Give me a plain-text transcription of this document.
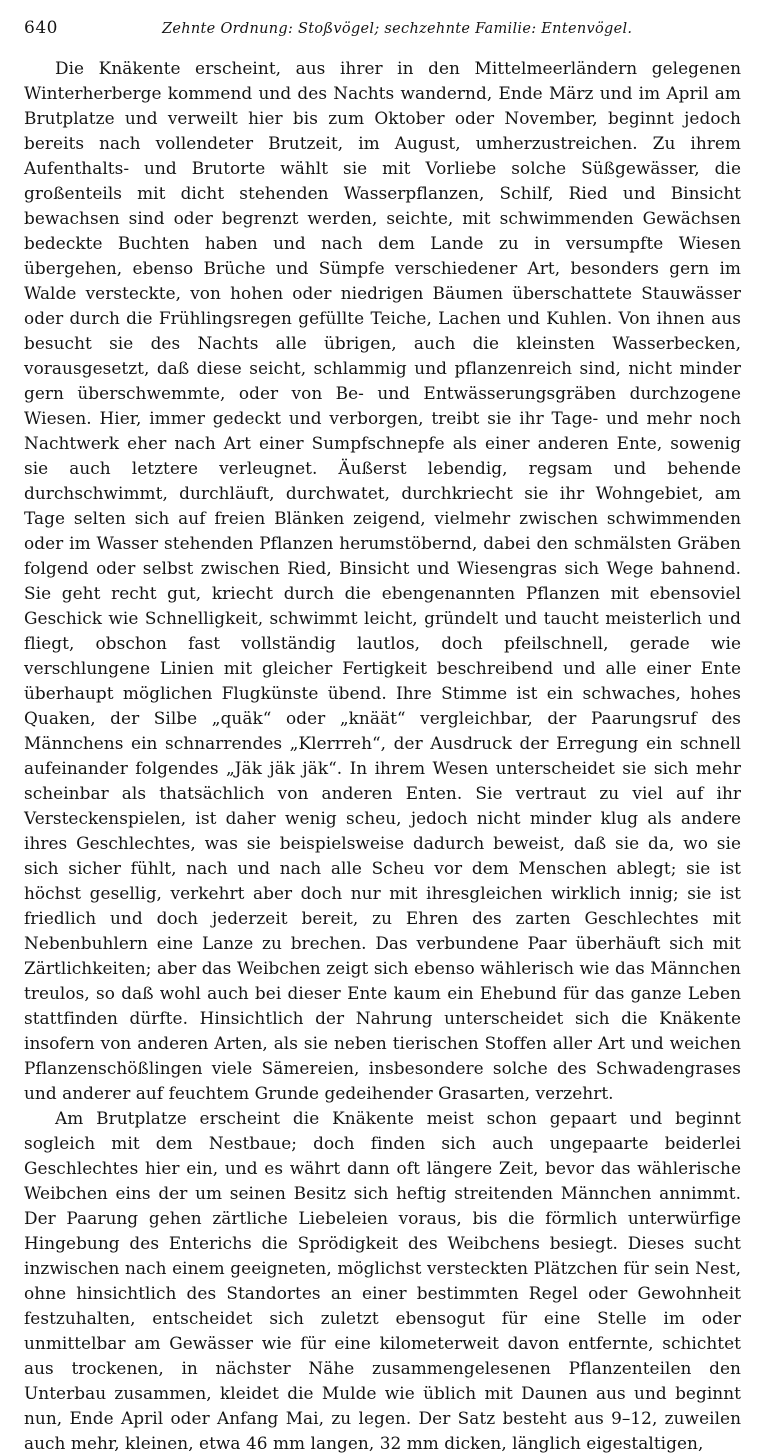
640	Zehnte Ordnung: Stoßvögel; sechzehnte Familie: Entenvögel.

Die Knäkente erscheint, aus ihrer in den Mittelmeerländern gelegenen Winterherberge kommend und des Nachts wandernd, Ende März und im April am Brutplatze und verweilt hier bis zum Oktober oder November, beginnt jedoch bereits nach vollendeter Brutzeit, im August, umherzustreichen. Zu ihrem Aufenthalts- und Brutorte wählt sie mit Vorliebe solche Süßgewässer, die großenteils mit dicht stehenden Wasserpflanzen, Schilf, Ried und Binsicht bewachsen sind oder begrenzt werden, seichte, mit schwimmenden Gewächsen bedeckte Buchten haben und nach dem Lande zu in versumpfte Wiesen übergehen, ebenso Brüche und Sümpfe verschiedener Art, besonders gern im Walde versteckte, von hohen oder niedrigen Bäumen überschattete Stauwässer oder durch die Frühlingsregen gefüllte Teiche, Lachen und Kuhlen. Von ihnen aus besucht sie des Nachts alle übrigen, auch die kleinsten Wasserbecken, vorausgesetzt, daß diese seicht, schlammig und pflanzenreich sind, nicht minder gern überschwemmte, oder von Be- und Entwässerungsgräben durchzogene Wiesen. Hier, immer gedeckt und verborgen, treibt sie ihr Tage- und mehr noch Nachtwerk eher nach Art einer Sumpfschnepfe als einer anderen Ente, sowenig sie auch letztere verleugnet. Äußerst lebendig, regsam und behende durchschwimmt, durchläuft, durchwatet, durchkriecht sie ihr Wohngebiet, am Tage selten sich auf freien Blänken zeigend, vielmehr zwischen schwimmenden oder im Wasser stehenden Pflanzen herumstöbernd, dabei den schmälsten Gräben folgend oder selbst zwischen Ried, Binsicht und Wiesengras sich Wege bahnend. Sie geht recht gut, kriecht durch die ebengenannten Pflanzen mit ebensoviel Geschick wie Schnelligkeit, schwimmt leicht, gründelt und taucht meisterlich und fliegt, obschon fast vollständig lautlos, doch pfeilschnell, gerade wie verschlungene Linien mit gleicher Fertigkeit beschreibend und alle einer Ente überhaupt möglichen Flugkünste übend. Ihre Stimme ist ein schwaches, hohes Quaken, der Silbe „quäk“ oder „knäät“ vergleichbar, der Paarungsruf des Männchens ein schnarrendes „Klerrreh“, der Ausdruck der Erregung ein schnell aufeinander folgendes „Jäk jäk jäk“. In ihrem Wesen unterscheidet sie sich mehr scheinbar als thatsächlich von anderen Enten. Sie vertraut zu viel auf ihr Versteckenspielen, ist daher wenig scheu, jedoch nicht minder klug als andere ihres Geschlechtes, was sie beispielsweise dadurch beweist, daß sie da, wo sie sich sicher fühlt, nach und nach alle Scheu vor dem Menschen ablegt; sie ist höchst gesellig, verkehrt aber doch nur mit ihresgleichen wirklich innig; sie ist friedlich und doch jederzeit bereit, zu Ehren des zarten Geschlechtes mit Nebenbuhlern eine Lanze zu brechen. Das verbundene Paar überhäuft sich mit Zärtlichkeiten; aber das Weibchen zeigt sich ebenso wählerisch wie das Männchen treulos, so daß wohl auch bei dieser Ente kaum ein Ehebund für das ganze Leben stattfinden dürfte. Hinsichtlich der Nahrung unterscheidet sich die Knäkente insofern von anderen Arten, als sie neben tierischen Stoffen aller Art und weichen Pflanzenschößlingen viele Sämereien, insbesondere solche des Schwadengrases und anderer auf feuchtem Grunde gedeihender Grasarten, verzehrt.

Am Brutplatze erscheint die Knäkente meist schon gepaart und beginnt sogleich mit dem Nestbaue; doch finden sich auch ungepaarte beiderlei Geschlechtes hier ein, und es währt dann oft längere Zeit, bevor das wählerische Weibchen eins der um seinen Besitz sich heftig streitenden Männchen annimmt. Der Paarung gehen zärtliche Liebeleien voraus, bis die förmlich unterwürfige Hingebung des Enterichs die Sprödigkeit des Weibchens besiegt. Dieses sucht inzwischen nach einem geeigneten, möglichst versteckten Plätzchen für sein Nest, ohne hinsichtlich des Standortes an einer bestimmten Regel oder Gewohnheit festzuhalten, entscheidet sich zuletzt ebensogut für eine Stelle im oder unmittelbar am Gewässer wie für eine kilometerweit davon entfernte, schichtet aus trockenen, in nächster Nähe zusammengelesenen Pflanzenteilen den Unterbau zusammen, kleidet die Mulde wie üblich mit Daunen aus und beginnt nun, Ende April oder Anfang Mai, zu legen. Der Satz besteht aus 9–12, zuweilen auch mehr, kleinen, etwa 46 mm langen, 32 mm dicken, länglich eigestaltigen,
